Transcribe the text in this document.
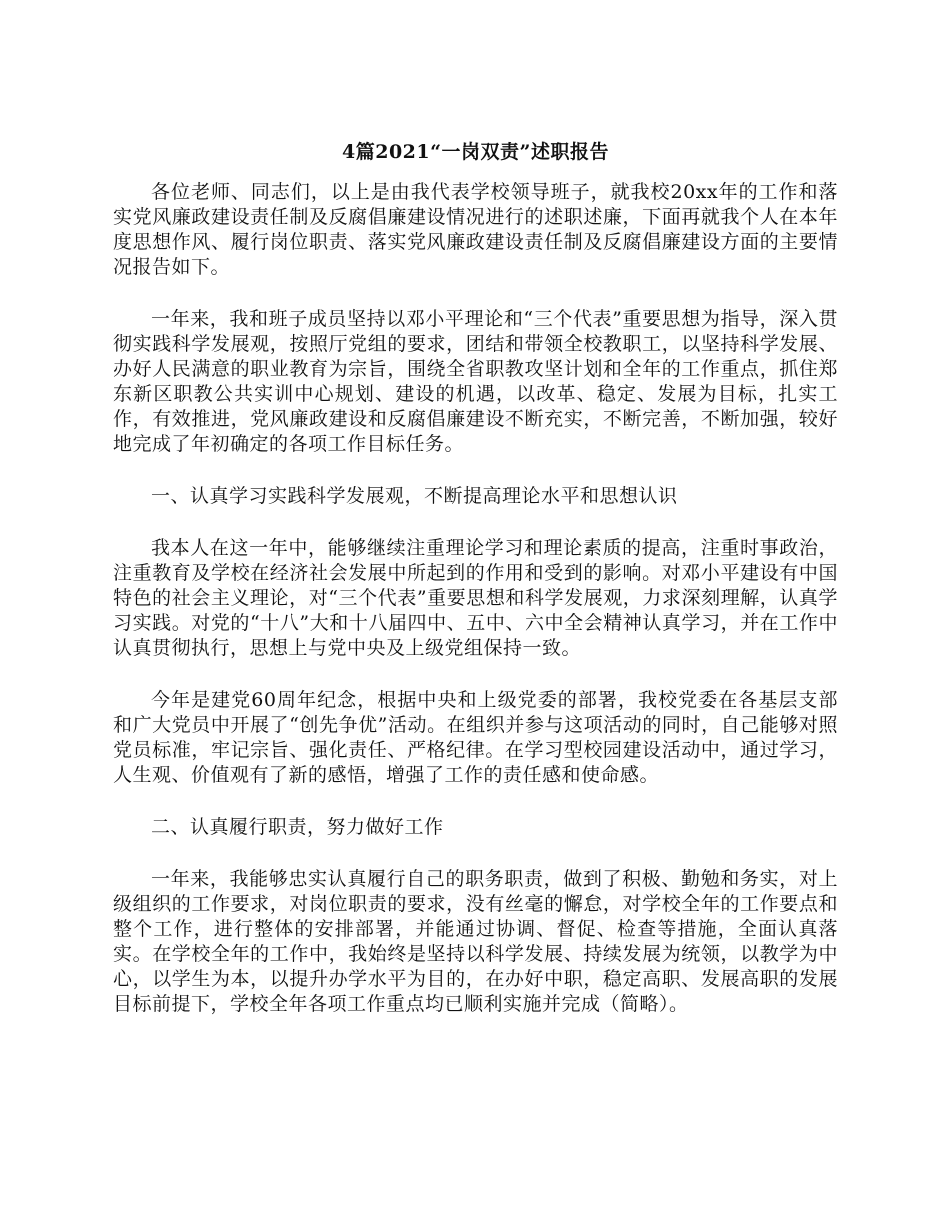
4篇2021“一岗双责”述职报告

各位老师、同志们，以上是由我代表学校领导班子，就我校20xx年的工作和落实党风廉政建设责任制及反腐倡廉建设情况进行的述职述廉，下面再就我个人在本年度思想作风、履行岗位职责、落实党风廉政建设责任制及反腐倡廉建设方面的主要情况报告如下。

一年来，我和班子成员坚持以邓小平理论和“三个代表”重要思想为指导，深入贯彻实践科学发展观，按照厅党组的要求，团结和带领全校教职工，以坚持科学发展、办好人民满意的职业教育为宗旨，围绕全省职教攻坚计划和全年的工作重点，抓住郑东新区职教公共实训中心规划、建设的机遇，以改革、稳定、发展为目标，扎实工作，有效推进，党风廉政建设和反腐倡廉建设不断充实，不断完善，不断加强，较好地完成了年初确定的各项工作目标任务。

一、认真学习实践科学发展观，不断提高理论水平和思想认识

我本人在这一年中，能够继续注重理论学习和理论素质的提高，注重时事政治，注重教育及学校在经济社会发展中所起到的作用和受到的影响。对邓小平建设有中国特色的社会主义理论，对“三个代表”重要思想和科学发展观，力求深刻理解，认真学习实践。对党的“十八”大和十八届四中、五中、六中全会精神认真学习，并在工作中认真贯彻执行，思想上与党中央及上级党组保持一致。

今年是建党60周年纪念，根据中央和上级党委的部署，我校党委在各基层支部和广大党员中开展了“创先争优”活动。在组织并参与这项活动的同时，自己能够对照党员标准，牢记宗旨、强化责任、严格纪律。在学习型校园建设活动中，通过学习，人生观、价值观有了新的感悟，增强了工作的责任感和使命感。

二、认真履行职责，努力做好工作

一年来，我能够忠实认真履行自己的职务职责，做到了积极、勤勉和务实，对上级组织的工作要求，对岗位职责的要求，没有丝毫的懈怠，对学校全年的工作要点和整个工作，进行整体的安排部署，并能通过协调、督促、检查等措施，全面认真落实。在学校全年的工作中，我始终是坚持以科学发展、持续发展为统领，以教学为中心，以学生为本，以提升办学水平为目的，在办好中职，稳定高职、发展高职的发展目标前提下，学校全年各项工作重点均已顺利实施并完成（简略）。
